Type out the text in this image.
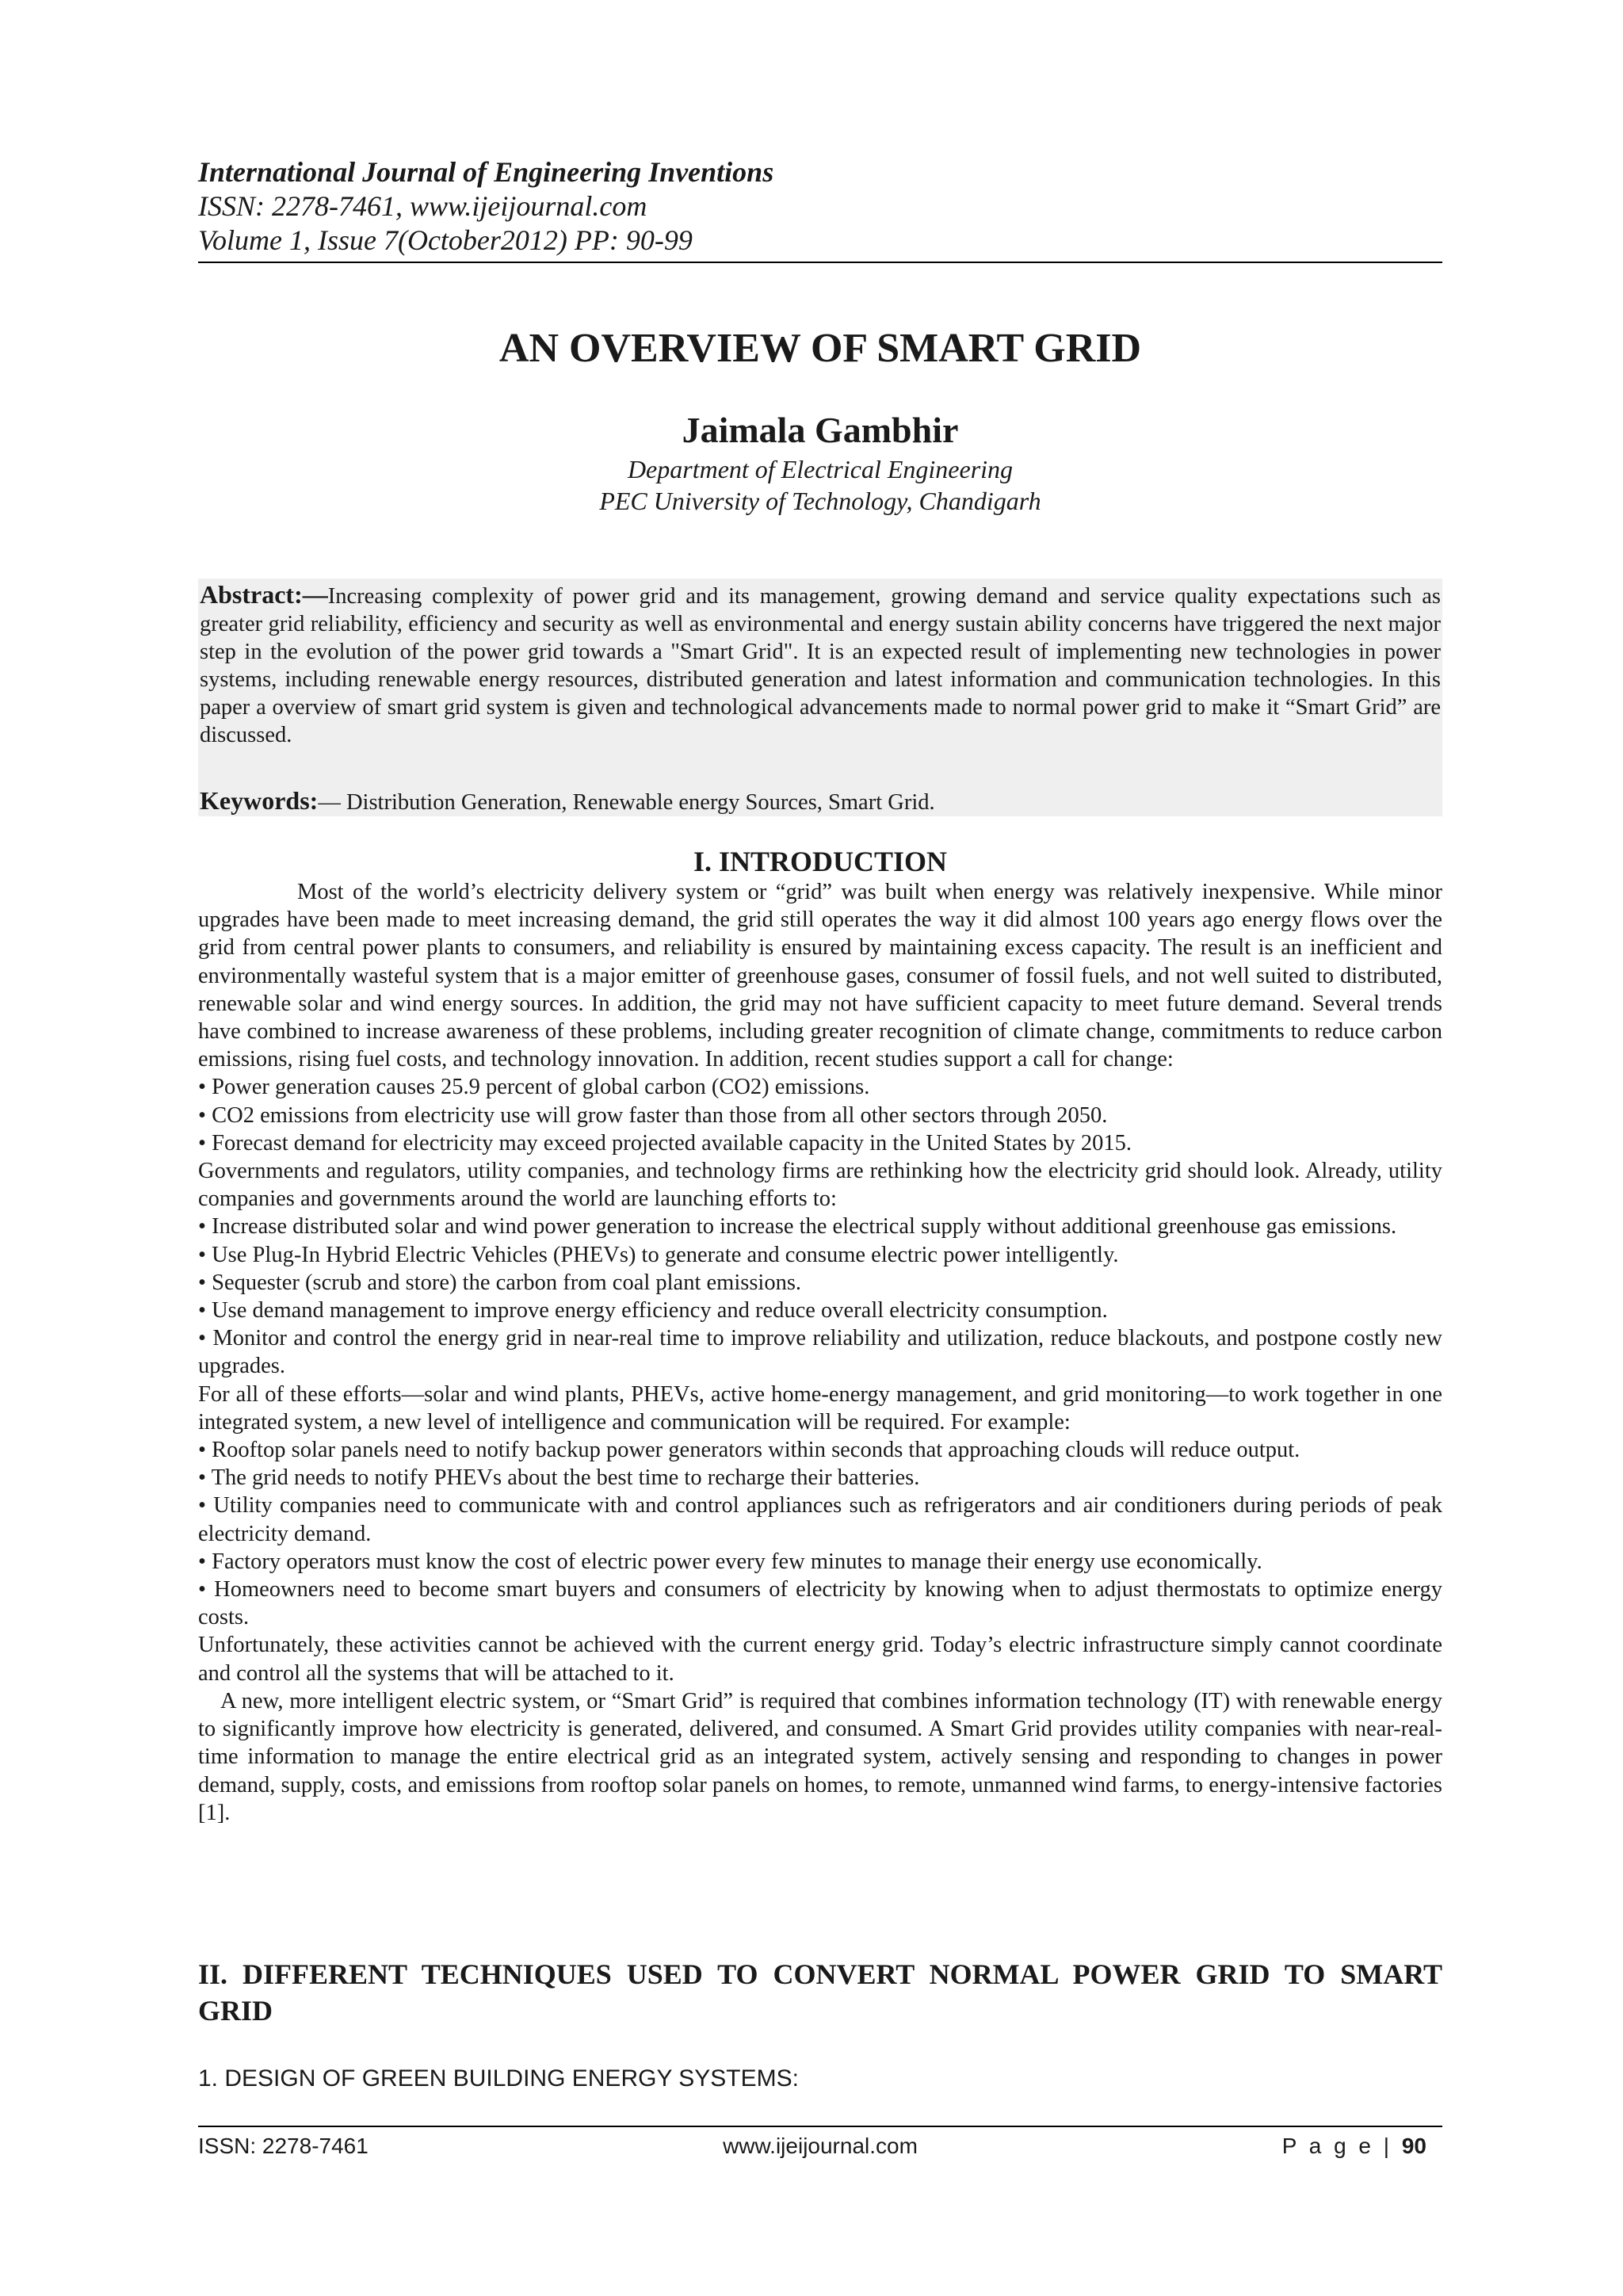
International Journal of Engineering Inventions
ISSN: 2278-7461, www.ijeijournal.com
Volume 1, Issue 7(October2012) PP: 90-99
AN OVERVIEW OF SMART GRID
Jaimala Gambhir
Department of Electrical Engineering
PEC University of Technology, Chandigarh
Abstract:—Increasing complexity of power grid and its management, growing demand and service quality expectations such as greater grid reliability, efficiency and security as well as environmental and energy sustain ability concerns have triggered the next major step in the evolution of the power grid towards a "Smart Grid". It is an expected result of implementing new technologies in power systems, including renewable energy resources, distributed generation and latest information and communication technologies. In this paper a overview of smart grid system is given and technological advancements made to normal power grid to make it “Smart Grid” are discussed.
Keywords:— Distribution Generation, Renewable energy Sources, Smart Grid.
I. INTRODUCTION

Most of the world’s electricity delivery system or “grid” was built when energy was relatively inexpensive. While minor upgrades have been made to meet increasing demand, the grid still operates the way it did almost 100 years ago energy flows over the grid from central power plants to consumers, and reliability is ensured by maintaining excess capacity. The result is an inefficient and environmentally wasteful system that is a major emitter of greenhouse gases, consumer of fossil fuels, and not well suited to distributed, renewable solar and wind energy sources. In addition, the grid may not have sufficient capacity to meet future demand. Several trends have combined to increase awareness of these problems, including greater recognition of climate change, commitments to reduce carbon emissions, rising fuel costs, and technology innovation. In addition, recent studies support a call for change:

• Power generation causes 25.9 percent of global carbon (CO2) emissions.

• CO2 emissions from electricity use will grow faster than those from all other sectors through 2050.

• Forecast demand for electricity may exceed projected available capacity in the United States by 2015.

Governments and regulators, utility companies, and technology firms are rethinking how the electricity grid should look. Already, utility companies and governments around the world are launching efforts to:

• Increase distributed solar and wind power generation to increase the electrical supply without additional greenhouse gas emissions.

• Use Plug-In Hybrid Electric Vehicles (PHEVs) to generate and consume electric power intelligently.

• Sequester (scrub and store) the carbon from coal plant emissions.

• Use demand management to improve energy efficiency and reduce overall electricity consumption.

• Monitor and control the energy grid in near-real time to improve reliability and utilization, reduce blackouts, and postpone costly new upgrades.

For all of these efforts—solar and wind plants, PHEVs, active home-energy management, and grid monitoring—to work together in one integrated system, a new level of intelligence and communication will be required. For example:

• Rooftop solar panels need to notify backup power generators within seconds that approaching clouds will reduce output.

• The grid needs to notify PHEVs about the best time to recharge their batteries.

• Utility companies need to communicate with and control appliances such as refrigerators and air conditioners during periods of peak electricity demand.

• Factory operators must know the cost of electric power every few minutes to manage their energy use economically.

• Homeowners need to become smart buyers and consumers of electricity by knowing when to adjust thermostats to optimize energy costs.

Unfortunately, these activities cannot be achieved with the current energy grid. Today’s electric infrastructure simply cannot coordinate and control all the systems that will be attached to it.

A new, more intelligent electric system, or “Smart Grid” is required that combines information technology (IT) with renewable energy to significantly improve how electricity is generated, delivered, and consumed. A Smart Grid provides utility companies with near-real-time information to manage the entire electrical grid as an integrated system, actively sensing and responding to changes in power demand, supply, costs, and emissions from rooftop solar panels on homes, to remote, unmanned wind farms, to energy-intensive factories [1].

II. DIFFERENT TECHNIQUES USED TO CONVERT NORMAL POWER GRID TO SMART GRID
1. DESIGN OF GREEN BUILDING ENERGY SYSTEMS:
ISSN: 2278-7461	www.ijeijournal.com	P a g e | 90
